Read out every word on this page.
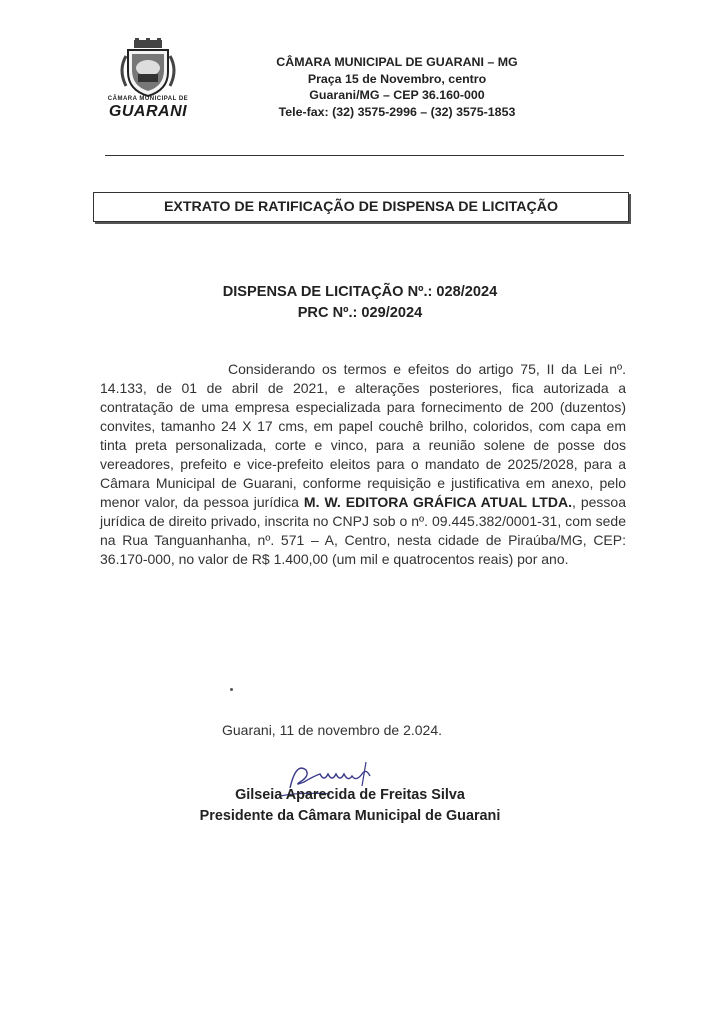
CÂMARA MUNICIPAL DE
GUARANI
CÂMARA MUNICIPAL DE GUARANI – MG
Praça 15 de Novembro, centro
Guarani/MG – CEP 36.160-000
Tele-fax: (32) 3575-2996 – (32) 3575-1853
EXTRATO DE RATIFICAÇÃO DE DISPENSA DE LICITAÇÃO
DISPENSA DE LICITAÇÃO Nº.: 028/2024
PRC Nº.: 029/2024
Considerando os termos e efeitos do artigo 75, II da Lei nº. 14.133, de 01 de abril de 2021, e alterações posteriores, fica autorizada a contratação de uma empresa especializada para fornecimento de 200 (duzentos) convites, tamanho 24 X 17 cms, em papel couchê brilho, coloridos, com capa em tinta preta personalizada, corte e vinco, para a reunião solene de posse dos vereadores, prefeito e vice-prefeito eleitos para o mandato de 2025/2028, para a Câmara Municipal de Guarani, conforme requisição e justificativa em anexo, pelo menor valor, da pessoa jurídica M. W. EDITORA GRÁFICA ATUAL LTDA., pessoa jurídica de direito privado, inscrita no CNPJ sob o nº. 09.445.382/0001-31, com sede na Rua Tanguanhanha, nº. 571 – A, Centro, nesta cidade de Piraúba/MG, CEP: 36.170-000, no valor de R$ 1.400,00 (um mil e quatrocentos reais) por ano.
Guarani, 11 de novembro de 2.024.
Gilseia Aparecida de Freitas Silva
Presidente da Câmara Municipal de Guarani
